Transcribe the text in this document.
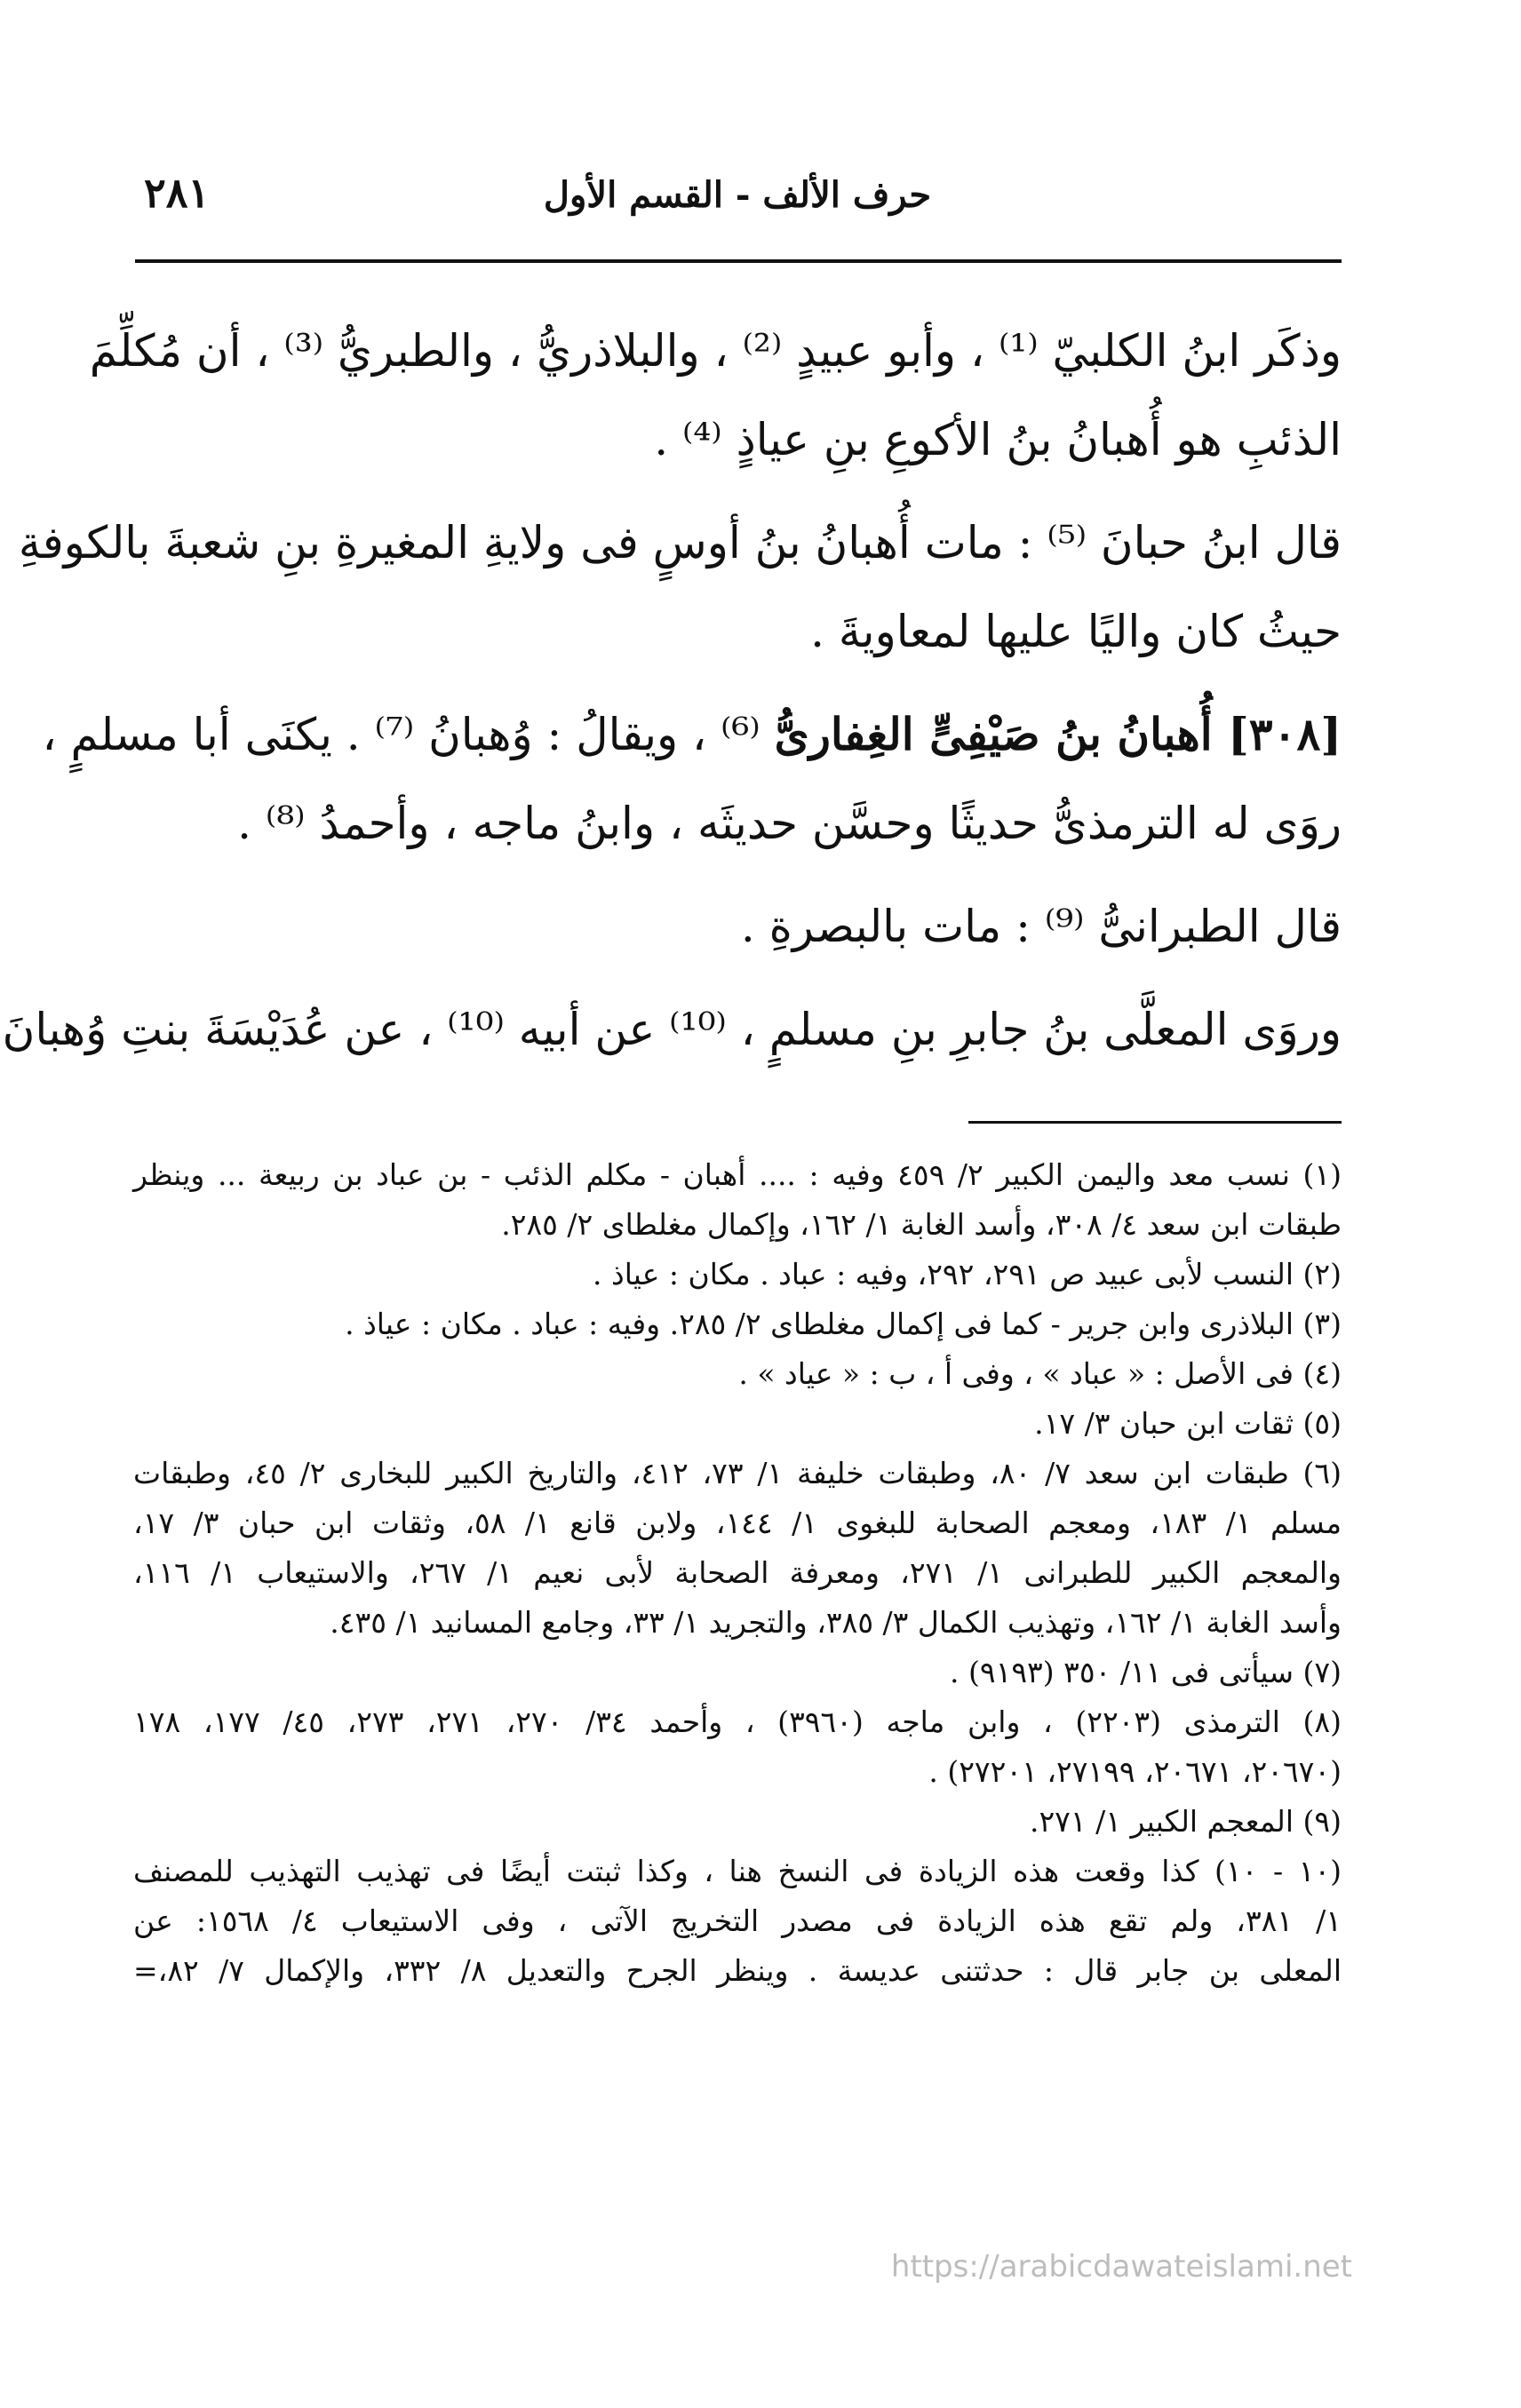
٢٨١	حرف الألف - القسم الأول
وذكَر ابنُ الكلبيّ ⁽¹⁾ ، وأبو عبيدٍ ⁽²⁾ ، والبلاذريُّ ، والطبريُّ ⁽³⁾ ، أن مُكلِّمَ
الذئبِ هو أُهبانُ بنُ الأكوعِ بنِ عياذٍ ⁽⁴⁾ .
قال ابنُ حبانَ ⁽⁵⁾ : مات أُهبانُ بنُ أوسٍ فى ولايةِ المغيرةِ بنِ شعبةَ بالكوفةِ
حيثُ كان واليًا عليها لمعاويةَ .
[٣٠٨] أُهبانُ بنُ صَيْفِىٍّ الغِفارىُّ ⁽⁶⁾ ، ويقالُ : وُهبانُ ⁽⁷⁾ . يكنَى أبا مسلمٍ ،
روَى له الترمذىُّ حديثًا وحسَّن حديثَه ، وابنُ ماجه ، وأحمدُ ⁽⁸⁾ .
قال الطبرانىُّ ⁽⁹⁾ : مات بالبصرةِ .
وروَى المعلَّى بنُ جابرِ بنِ مسلمٍ ، ⁽¹⁰⁾ عن أبيه ⁽¹⁰⁾ ، عن عُدَيْسَةَ بنتِ وُهبانَ
(١) نسب معد واليمن الكبير ٢/ ٤٥٩ وفيه : .... أهبان - مكلم الذئب - بن عباد بن ربيعة ... وينظر
طبقات ابن سعد ٤/ ٣٠٨، وأسد الغابة ١/ ١٦٢، وإكمال مغلطاى ٢/ ٢٨٥.
(٢) النسب لأبى عبيد ص ٢٩١، ٢٩٢، وفيه : عباد . مكان : عياذ .
(٣) البلاذرى وابن جرير - كما فى إكمال مغلطاى ٢/ ٢٨٥. وفيه : عباد . مكان : عياذ .
(٤) فى الأصل : « عباد » ، وفى أ ، ب : « عياد » .
(٥) ثقات ابن حبان ٣/ ١٧.
(٦) طبقات ابن سعد ٧/ ٨٠، وطبقات خليفة ١/ ٧٣، ٤١٢، والتاريخ الكبير للبخارى ٢/ ٤٥، وطبقات
مسلم ١/ ١٨٣، ومعجم الصحابة للبغوى ١/ ١٤٤، ولابن قانع ١/ ٥٨، وثقات ابن حبان ٣/ ١٧،
والمعجم الكبير للطبرانى ١/ ٢٧١، ومعرفة الصحابة لأبى نعيم ١/ ٢٦٧، والاستيعاب ١/ ١١٦،
وأسد الغابة ١/ ١٦٢، وتهذيب الكمال ٣/ ٣٨٥، والتجريد ١/ ٣٣، وجامع المسانيد ١/ ٤٣٥.
(٧) سيأتى فى ١١/ ٣٥٠ (٩١٩٣) .
(٨) الترمذى (٢٢٠٣) ، وابن ماجه (٣٩٦٠) ، وأحمد ٣٤/ ٢٧٠، ٢٧١، ٢٧٣، ٤٥/ ١٧٧، ١٧٨
(٢٠٦٧٠، ٢٠٦٧١، ٢٧١٩٩، ٢٧٢٠١) .
(٩) المعجم الكبير ١/ ٢٧١.
(١٠ - ١٠) كذا وقعت هذه الزيادة فى النسخ هنا ، وكذا ثبتت أيضًا فى تهذيب التهذيب للمصنف
١/ ٣٨١، ولم تقع هذه الزيادة فى مصدر التخريج الآتى ، وفى الاستيعاب ٤/ ١٥٦٨: عن
المعلى بن جابر قال : حدثتنى عديسة . وينظر الجرح والتعديل ٨/ ٣٣٢، والإكمال ٧/ ٨٢،=
https://arabicdawateislami.net
